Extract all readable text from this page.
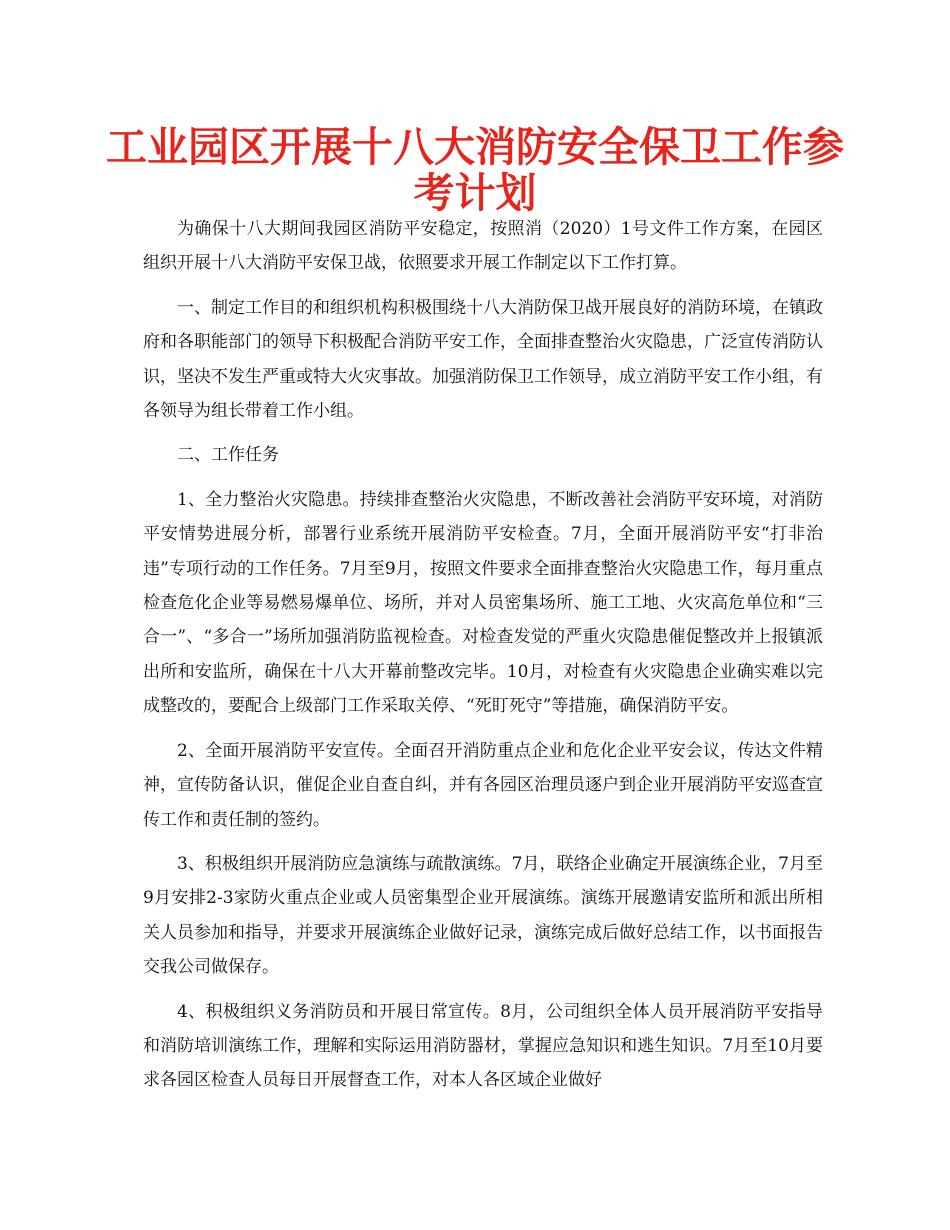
工业园区开展十八大消防安全保卫工作参
考计划

为确保十八大期间我园区消防平安稳定，按照消（2020）1号文件工作方案，在园区组织开展十八大消防平安保卫战，依照要求开展工作制定以下工作打算。

一、制定工作目的和组织机构积极围绕十八大消防保卫战开展良好的消防环境，在镇政府和各职能部门的领导下积极配合消防平安工作，全面排查整治火灾隐患，广泛宣传消防认识，坚决不发生严重或特大火灾事故。加强消防保卫工作领导，成立消防平安工作小组，有各领导为组长带着工作小组。

二、工作任务

1、全力整治火灾隐患。持续排查整治火灾隐患，不断改善社会消防平安环境，对消防平安情势进展分析，部署行业系统开展消防平安检查。7月，全面开展消防平安“打非治违”专项行动的工作任务。7月至9月，按照文件要求全面排查整治火灾隐患工作，每月重点检查危化企业等易燃易爆单位、场所，并对人员密集场所、施工工地、火灾高危单位和“三合一”、“多合一”场所加强消防监视检查。对检查发觉的严重火灾隐患催促整改并上报镇派出所和安监所，确保在十八大开幕前整改完毕。10月，对检查有火灾隐患企业确实难以完成整改的，要配合上级部门工作采取关停、“死盯死守”等措施，确保消防平安。

2、全面开展消防平安宣传。全面召开消防重点企业和危化企业平安会议，传达文件精神，宣传防备认识，催促企业自查自纠，并有各园区治理员逐户到企业开展消防平安巡查宣传工作和责任制的签约。

3、积极组织开展消防应急演练与疏散演练。7月，联络企业确定开展演练企业，7月至9月安排2-3家防火重点企业或人员密集型企业开展演练。演练开展邀请安监所和派出所相关人员参加和指导，并要求开展演练企业做好记录，演练完成后做好总结工作，以书面报告交我公司做保存。

4、积极组织义务消防员和开展日常宣传。8月，公司组织全体人员开展消防平安指导和消防培训演练工作，理解和实际运用消防器材，掌握应急知识和逃生知识。7月至10月要求各园区检查人员每日开展督查工作，对本人各区域企业做好
